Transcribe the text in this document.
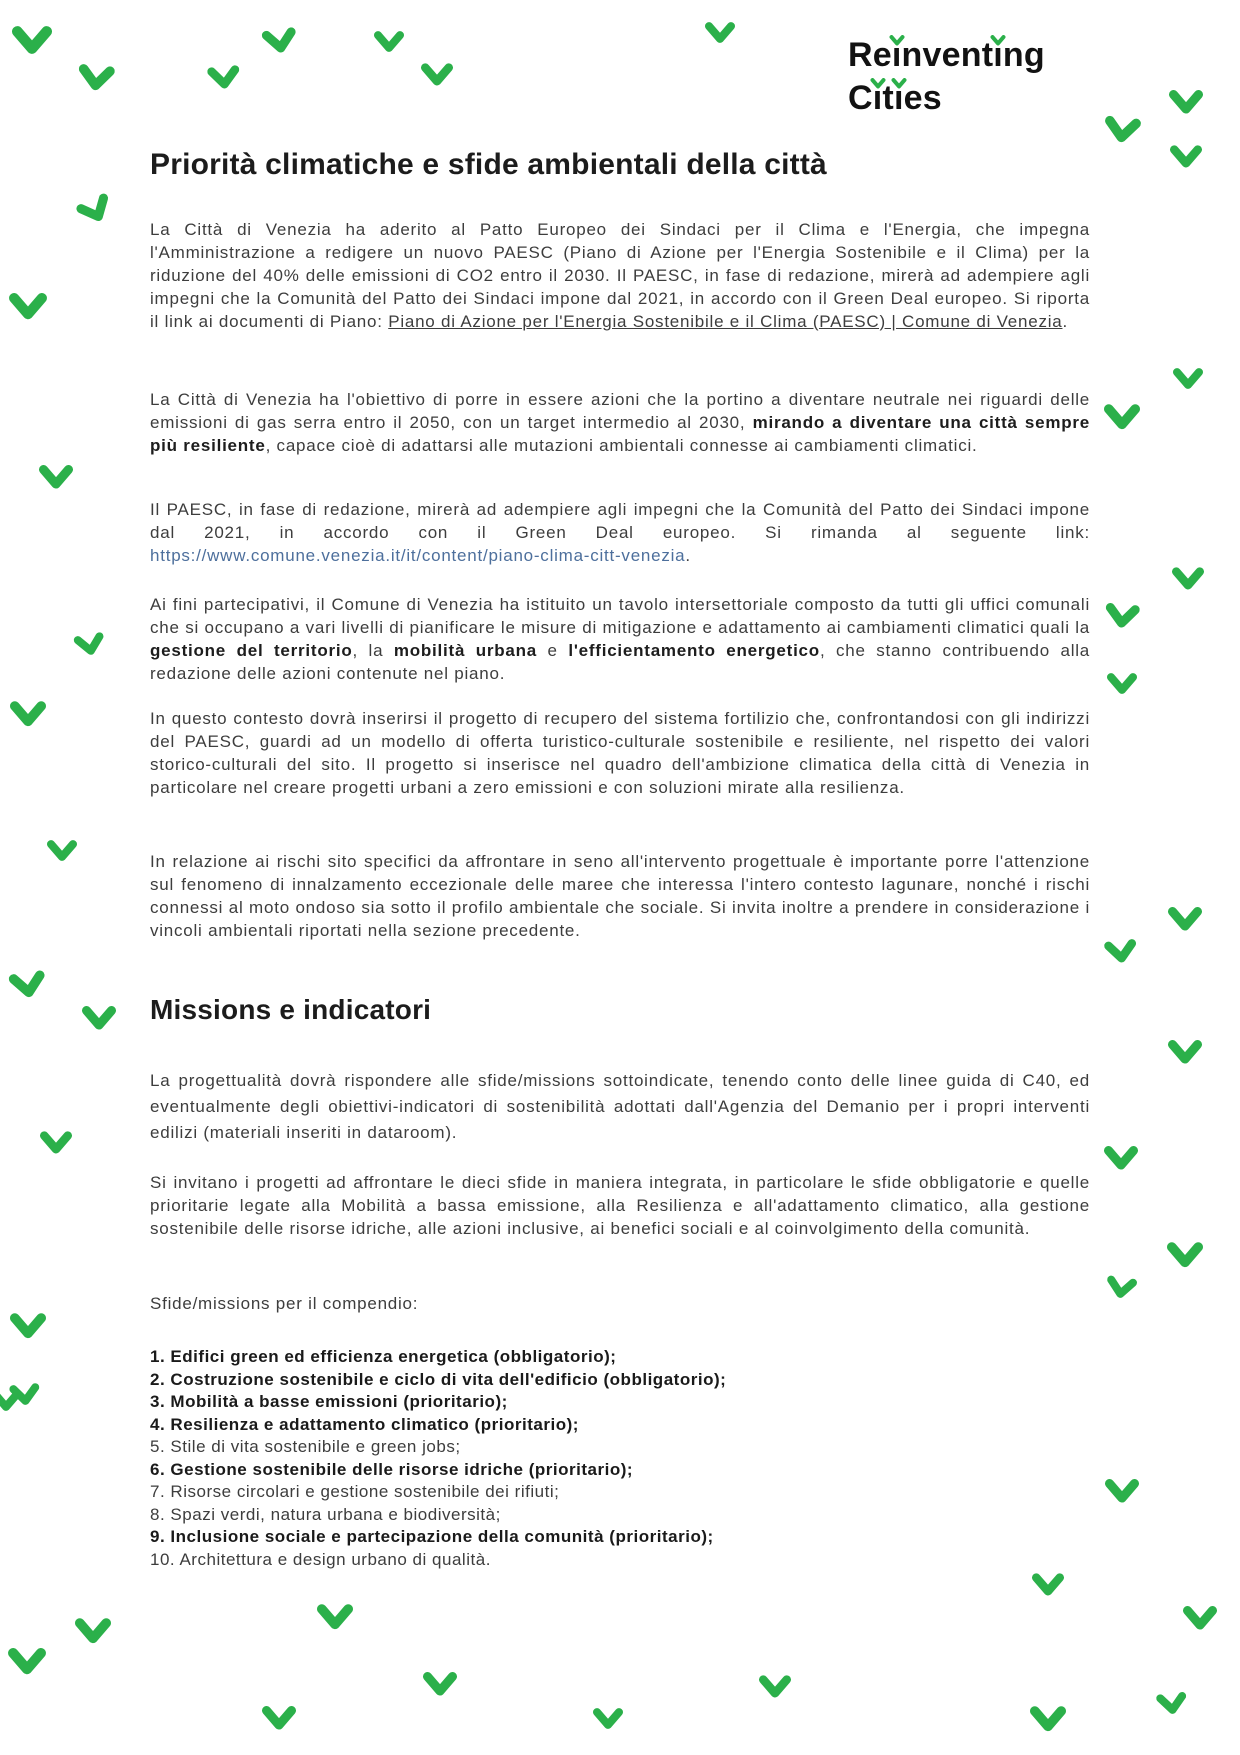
Reı
nventı
ng
Cı
tı
es
Priorità climatiche e sfide ambientali della città
La Città di Venezia ha aderito al Patto Europeo dei Sindaci per il Clima e l'Energia, che impegna l'Amministrazione a redigere un nuovo PAESC (Piano di Azione per l'Energia Sostenibile e il Clima) per la riduzione del 40% delle emissioni di CO2 entro il 2030. Il PAESC, in fase di redazione, mirerà ad adempiere agli impegni che la Comunità del Patto dei Sindaci impone dal 2021, in accordo con il Green Deal europeo. Si riporta il link ai documenti di Piano: Piano di Azione per l'Energia Sostenibile e il Clima (PAESC) | Comune di Venezia.
La Città di Venezia ha l'obiettivo di porre in essere azioni che la portino a diventare neutrale nei riguardi delle emissioni di gas serra entro il 2050, con un target intermedio al 2030, mirando a diventare una città sempre più resiliente, capace cioè di adattarsi alle mutazioni ambientali connesse ai cambiamenti climatici.
Il PAESC, in fase di redazione, mirerà ad adempiere agli impegni che la Comunità del Patto dei Sindaci impone dal 2021, in accordo con il Green Deal europeo. Si rimanda al seguente link: https://www.comune.venezia.it/it/content/piano-clima-citt-venezia.
Ai fini partecipativi, il Comune di Venezia ha istituito un tavolo intersettoriale composto da tutti gli uffici comunali che si occupano a vari livelli di pianificare le misure di mitigazione e adattamento ai cambiamenti climatici quali la gestione del territorio, la mobilità urbana e l'efficientamento energetico, che stanno contribuendo alla redazione delle azioni contenute nel piano.
In questo contesto dovrà inserirsi il progetto di recupero del sistema fortilizio che, confrontandosi con gli indirizzi del PAESC, guardi ad un modello di offerta turistico-culturale sostenibile e resiliente, nel rispetto dei valori storico-culturali del sito. Il progetto si inserisce nel quadro dell'ambizione climatica della città di Venezia in particolare nel creare progetti urbani a zero emissioni e con soluzioni mirate alla resilienza.
In relazione ai rischi sito specifici da affrontare in seno all'intervento progettuale è importante porre l'attenzione sul fenomeno di innalzamento eccezionale delle maree che interessa l'intero contesto lagunare, nonché i rischi connessi al moto ondoso sia sotto il profilo ambientale che sociale. Si invita inoltre a prendere in considerazione i vincoli ambientali riportati nella sezione precedente.
Missions e indicatori
La progettualità dovrà rispondere alle sfide/missions sottoindicate, tenendo conto delle linee guida di C40, ed eventualmente degli obiettivi-indicatori di sostenibilità adottati dall'Agenzia del Demanio per i propri interventi edilizi (materiali inseriti in dataroom).
Si invitano i progetti ad affrontare le dieci sfide in maniera integrata, in particolare le sfide obbligatorie e quelle prioritarie legate alla Mobilità a bassa emissione, alla Resilienza e all'adattamento climatico, alla gestione sostenibile delle risorse idriche, alle azioni inclusive, ai benefici sociali e al coinvolgimento della comunità.
Sfide/missions per il compendio:
1. Edifici green ed efficienza energetica (obbligatorio);
2. Costruzione sostenibile e ciclo di vita dell'edificio (obbligatorio);
3. Mobilità a basse emissioni (prioritario);
4. Resilienza e adattamento climatico (prioritario);
5. Stile di vita sostenibile e green jobs;
6. Gestione sostenibile delle risorse idriche (prioritario);
7. Risorse circolari e gestione sostenibile dei rifiuti;
8. Spazi verdi, natura urbana e biodiversità;
9. Inclusione sociale e partecipazione della comunità (prioritario);
10. Architettura e design urbano di qualità.
